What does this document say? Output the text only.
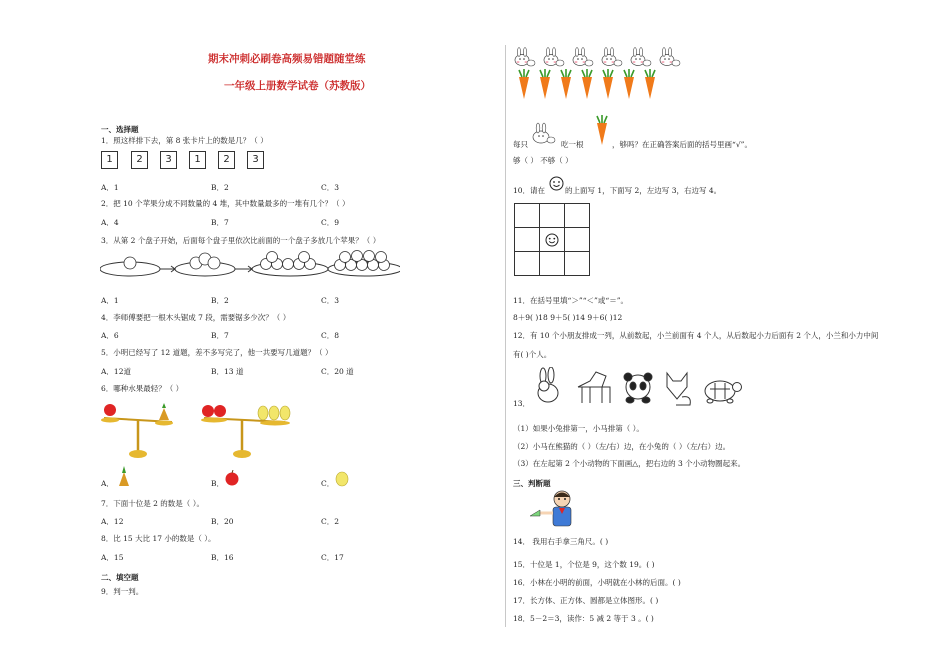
期末冲刺必刷卷高频易错题随堂练
一年级上册数学试卷（苏教版）
一、选择题
1．照这样排下去，第 8 张卡片上的数是几？（ ）
1	2	3	1	2	3
A．1	B．2	C．3
2．把 10 个苹果分成不同数量的 4 堆，其中数量最多的一堆有几个？（ ）
A．4	B．7	C．9
3．从第 2 个盘子开始，后面每个盘子里依次比前面的一个盘子多放几个苹果？（ ）
A．1	B．2	C．3
4．李师傅要把一根木头锯成 7 段，需要锯多少次？（ ）
A．6	B．7	C．8
5．小明已经写了 12 道题，差不多写完了，他一共要写几道题？（ ）
A．12道	B．13 道	C．20 道
6．哪种水果最轻？（ ）
A．	B．	C．
7．下面十位是 2 的数是（ ）。
A．12	B．20	C．2
8．比 15 大比 17 小的数是（ ）。
A．15	B．16	C．17
二、填空题
9．判一判。
每只	吃一根	，够吗？在正确答案后面的括号里画“√”。
够（ ） 不够（ ）
10．请在	的上面写 1，下面写 2，左边写 3，右边写 4。

11．在括号里填“＞”“＜”或“＝”。
8＋9( )18 9＋5( )14 9＋6( )12
12．有 10 个小朋友排成一列，从前数起，小兰前面有 4 个人，从后数起小力后面有 2 个人，小兰和小力中间
有( )个人。
13．
（1）如果小兔排第一，小马排第（ ）。
（2）小马在熊猫的（ ）（左/右）边，在小兔的（ ）（左/右）边。
（3）在左起第 2 个小动物的下面画△，把右边的 3 个小动物圈起来。
三、判断题
14． 我用右手拿三角尺。( )
15．十位是 1，个位是 9，这个数 19。( )
16．小林在小明的前面，小明就在小林的后面。( )
17．长方体、正方体、圆都是立体图形。( )
18．5－2＝3，读作：5 减 2 等于 3 。( )
